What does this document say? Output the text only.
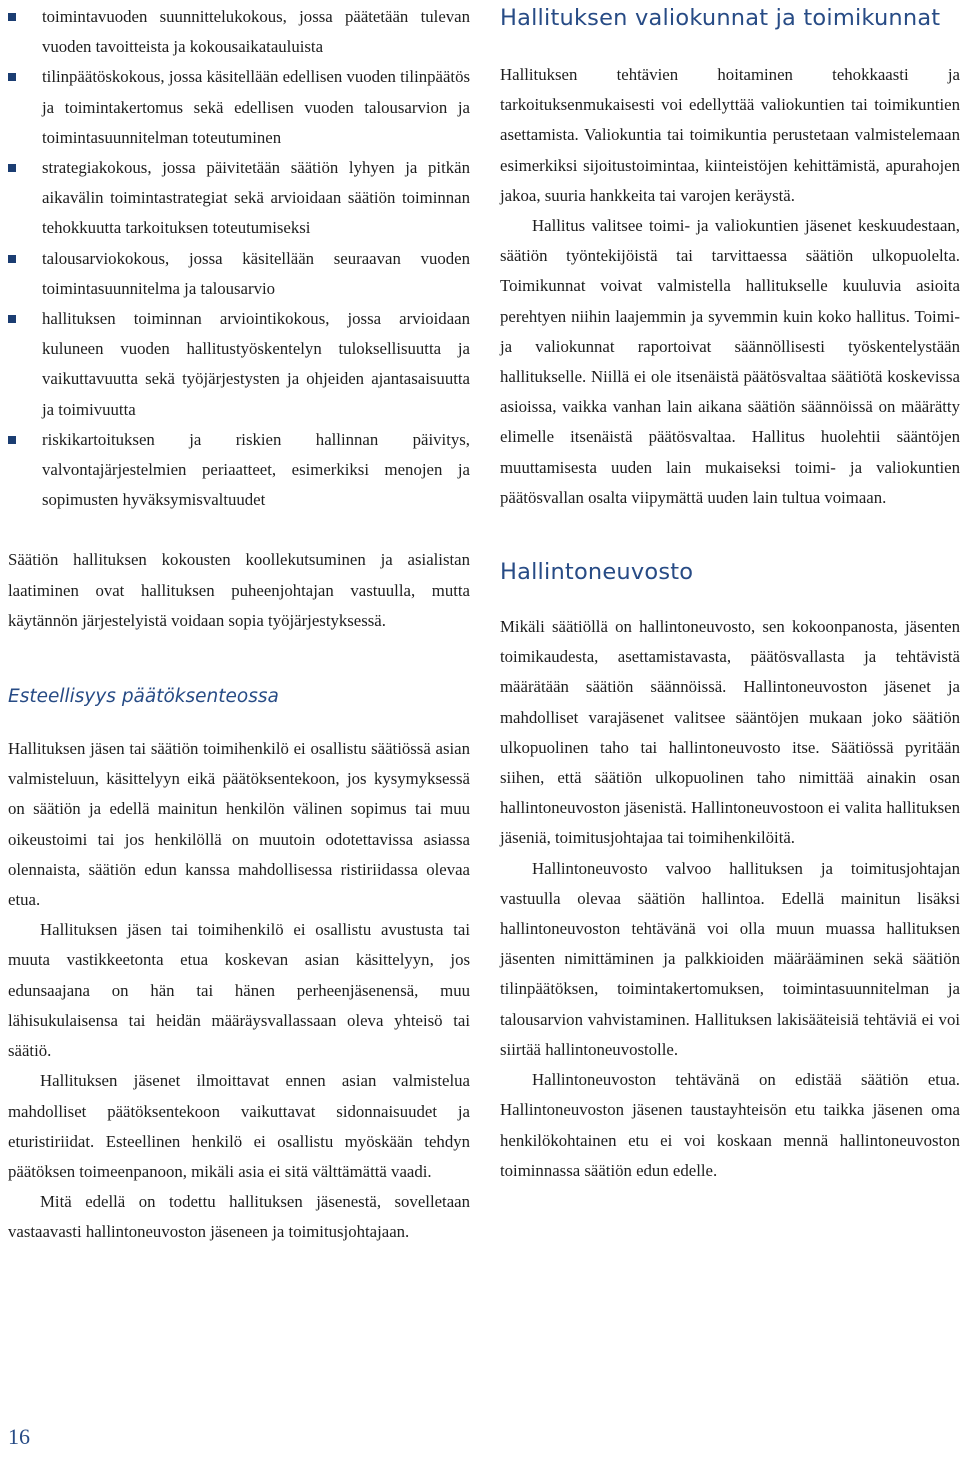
toimintavuoden suunnittelukokous, jossa päätetään tulevan vuoden tavoitteista ja kokousaikatauluista
tilinpäätöskokous, jossa käsitellään edellisen vuoden tilinpäätös ja toimintakertomus sekä edellisen vuoden talousarvion ja toimintasuunnitelman toteutuminen
strategiakokous, jossa päivitetään säätiön lyhyen ja pitkän aikavälin toimintastrategiat sekä arvioidaan säätiön toiminnan tehokkuutta tarkoituksen toteutumiseksi
talousarviokokous, jossa käsitellään seuraavan vuoden toimintasuunnitelma ja talousarvio
hallituksen toiminnan arviointikokous, jossa arvioidaan kuluneen vuoden hallitustyöskentelyn tuloksellisuutta ja vaikuttavuutta sekä työjärjestysten ja ohjeiden ajantasaisuutta ja toimivuutta
riskikartoituksen ja riskien hallinnan päivitys, valvontajärjestelmien periaatteet, esimerkiksi menojen ja sopimusten hyväksymisvaltuudet

Säätiön hallituksen kokousten koollekutsuminen ja asialistan laatiminen ovat hallituksen puheenjohtajan vastuulla, mutta käytännön järjestelyistä voidaan sopia työjärjestyksessä.

Esteellisyys päätöksenteossa

Hallituksen jäsen tai säätiön toimihenkilö ei osallistu säätiössä asian valmisteluun, käsittelyyn eikä päätöksentekoon, jos kysymyksessä on säätiön ja edellä mainitun henkilön välinen sopimus tai muu oikeustoimi tai jos henkilöllä on muutoin odotettavissa asiassa olennaista, säätiön edun kanssa mahdollisessa ristiriidassa olevaa etua.

Hallituksen jäsen tai toimihenkilö ei osallistu avustusta tai muuta vastikkeetonta etua koskevan asian käsittelyyn, jos edunsaajana on hän tai hänen perheenjäsenensä, muu lähisukulaisensa tai heidän määräysvallassaan oleva yhteisö tai säätiö.

Hallituksen jäsenet ilmoittavat ennen asian valmistelua mahdolliset päätöksentekoon vaikuttavat sidonnaisuudet ja eturistiriidat. Esteellinen henkilö ei osallistu myöskään tehdyn päätöksen toimeenpanoon, mikäli asia ei sitä välttämättä vaadi.

Mitä edellä on todettu hallituksen jäsenestä, sovelletaan vastaavasti hallintoneuvoston jäseneen ja toimitusjohtajaan.

Hallituksen valiokunnat ja toimikunnat

Hallituksen tehtävien hoitaminen tehokkaasti ja tarkoituksenmukaisesti voi edellyttää valiokuntien tai toimikuntien asettamista. Valiokuntia tai toimikuntia perustetaan valmistelemaan esimerkiksi sijoitustoimintaa, kiinteistöjen kehittämistä, apurahojen jakoa, suuria hankkeita tai varojen keräystä.

Hallitus valitsee toimi- ja valiokuntien jäsenet keskuudestaan, säätiön työntekijöistä tai tarvittaessa säätiön ulkopuolelta. Toimikunnat voivat valmistella hallitukselle kuuluvia asioita perehtyen niihin laajemmin ja syvemmin kuin koko hallitus. Toimi- ja valiokunnat raportoivat säännöllisesti työskentelystään hallitukselle. Niillä ei ole itsenäistä päätösvaltaa säätiötä koskevissa asioissa, vaikka vanhan lain aikana säätiön säännöissä on määrätty elimelle itsenäistä päätösvaltaa. Hallitus huolehtii sääntöjen muuttamisesta uuden lain mukaiseksi toimi- ja valiokuntien päätösvallan osalta viipymättä uuden lain tultua voimaan.

Hallintoneuvosto

Mikäli säätiöllä on hallintoneuvosto, sen kokoonpanosta, jäsenten toimikaudesta, asettamistavasta, päätösvallasta ja tehtävistä määrätään säätiön säännöissä. Hallintoneuvoston jäsenet ja mahdolliset varajäsenet valitsee sääntöjen mukaan joko säätiön ulkopuolinen taho tai hallintoneuvosto itse. Säätiössä pyritään siihen, että säätiön ulkopuolinen taho nimittää ainakin osan hallintoneuvoston jäsenistä. Hallintoneuvostoon ei valita hallituksen jäseniä, toimitusjohtajaa tai toimihenkilöitä.

Hallintoneuvosto valvoo hallituksen ja toimitusjohtajan vastuulla olevaa säätiön hallintoa. Edellä mainitun lisäksi hallintoneuvoston tehtävänä voi olla muun muassa hallituksen jäsenten nimittäminen ja palkkioiden määrääminen sekä säätiön tilinpäätöksen, toimintakertomuksen, toimintasuunnitelman ja talousarvion vahvistaminen. Hallituksen lakisääteisiä tehtäviä ei voi siirtää hallintoneuvostolle.

Hallintoneuvoston tehtävänä on edistää säätiön etua. Hallintoneuvoston jäsenen taustayhteisön etu taikka jäsenen oma henkilökohtainen etu ei voi koskaan mennä hallintoneuvoston toiminnassa säätiön edun edelle.

16
